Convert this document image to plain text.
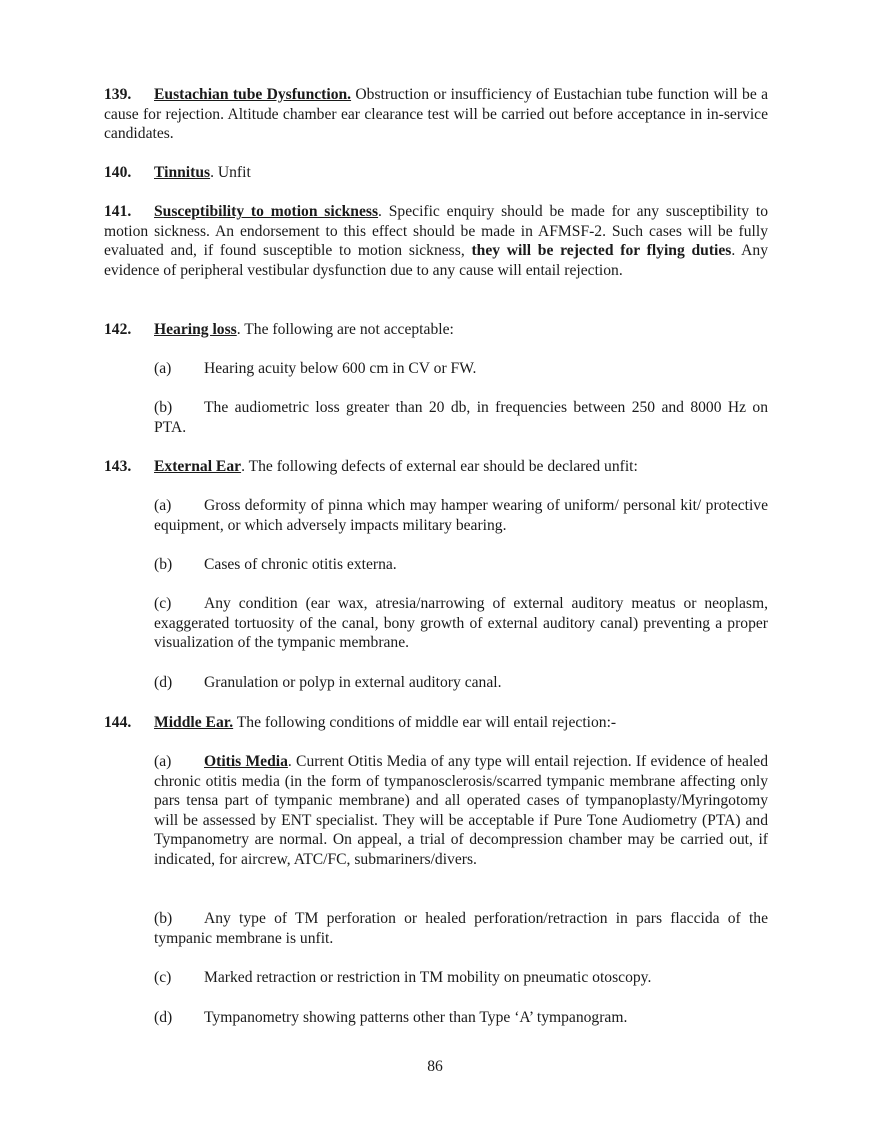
139. Eustachian tube Dysfunction. Obstruction or insufficiency of Eustachian tube function will be a cause for rejection. Altitude chamber ear clearance test will be carried out before acceptance in in-service candidates.

140. Tinnitus. Unfit

141. Susceptibility to motion sickness. Specific enquiry should be made for any susceptibility to motion sickness. An endorsement to this effect should be made in AFMSF-2. Such cases will be fully evaluated and, if found susceptible to motion sickness, they will be rejected for flying duties. Any evidence of peripheral vestibular dysfunction due to any cause will entail rejection.

142. Hearing loss. The following are not acceptable:

(a) Hearing acuity below 600 cm in CV or FW.

(b) The audiometric loss greater than 20 db, in frequencies between 250 and 8000 Hz on PTA.

143. External Ear. The following defects of external ear should be declared unfit:

(a) Gross deformity of pinna which may hamper wearing of uniform/ personal kit/ protective equipment, or which adversely impacts military bearing.

(b) Cases of chronic otitis externa.

(c) Any condition (ear wax, atresia/narrowing of external auditory meatus or neoplasm, exaggerated tortuosity of the canal, bony growth of external auditory canal) preventing a proper visualization of the tympanic membrane.

(d) Granulation or polyp in external auditory canal.

144. Middle Ear. The following conditions of middle ear will entail rejection:-

(a) Otitis Media. Current Otitis Media of any type will entail rejection. If evidence of healed chronic otitis media (in the form of tympanosclerosis/scarred tympanic membrane affecting only pars tensa part of tympanic membrane) and all operated cases of tympanoplasty/Myringotomy will be assessed by ENT specialist. They will be acceptable if Pure Tone Audiometry (PTA) and Tympanometry are normal. On appeal, a trial of decompression chamber may be carried out, if indicated, for aircrew, ATC/FC, submariners/divers.

(b) Any type of TM perforation or healed perforation/retraction in pars flaccida of the tympanic membrane is unfit.

(c) Marked retraction or restriction in TM mobility on pneumatic otoscopy.

(d) Tympanometry showing patterns other than Type ‘A’ tympanogram.

86
